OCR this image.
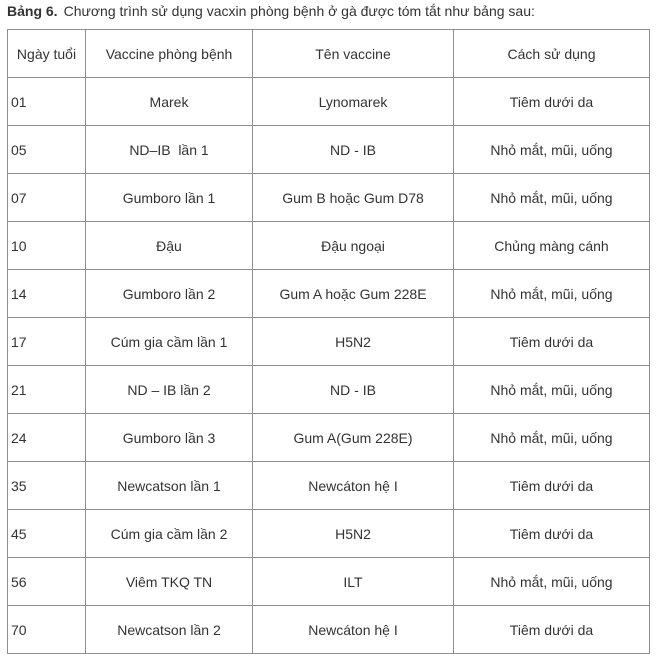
Bảng 6. Chương trình sử dụng vacxin phòng bệnh ở gà được tóm tắt như bảng sau:
Ngày tuổi	Vaccine phòng bệnh	Tên vaccine	Cách sử dụng
01	Marek	Lynomarek	Tiêm dưới da
05	ND–IB  lần 1	ND - IB	Nhỏ mắt, mũi, uống
07	Gumboro lần 1	Gum B hoặc Gum D78	Nhỏ mắt, mũi, uống
10	Đậu	Đậu ngoại	Chủng màng cánh
14	Gumboro lần 2	Gum A hoặc Gum 228E	Nhỏ mắt, mũi, uống
17	Cúm gia cầm lần 1	H5N2	Tiêm dưới da
21	ND – IB lần 2	ND - IB	Nhỏ mắt, mũi, uống
24	Gumboro lần 3	Gum A(Gum 228E)	Nhỏ mắt, mũi, uống
35	Newcatson lần 1	Newcáton hệ I	Tiêm dưới da
45	Cúm gia cầm lần 2	H5N2	Tiêm dưới da
56	Viêm TKQ TN	ILT	Nhỏ mắt, mũi, uống
70	Newcatson lần 2	Newcáton hệ I	Tiêm dưới da
